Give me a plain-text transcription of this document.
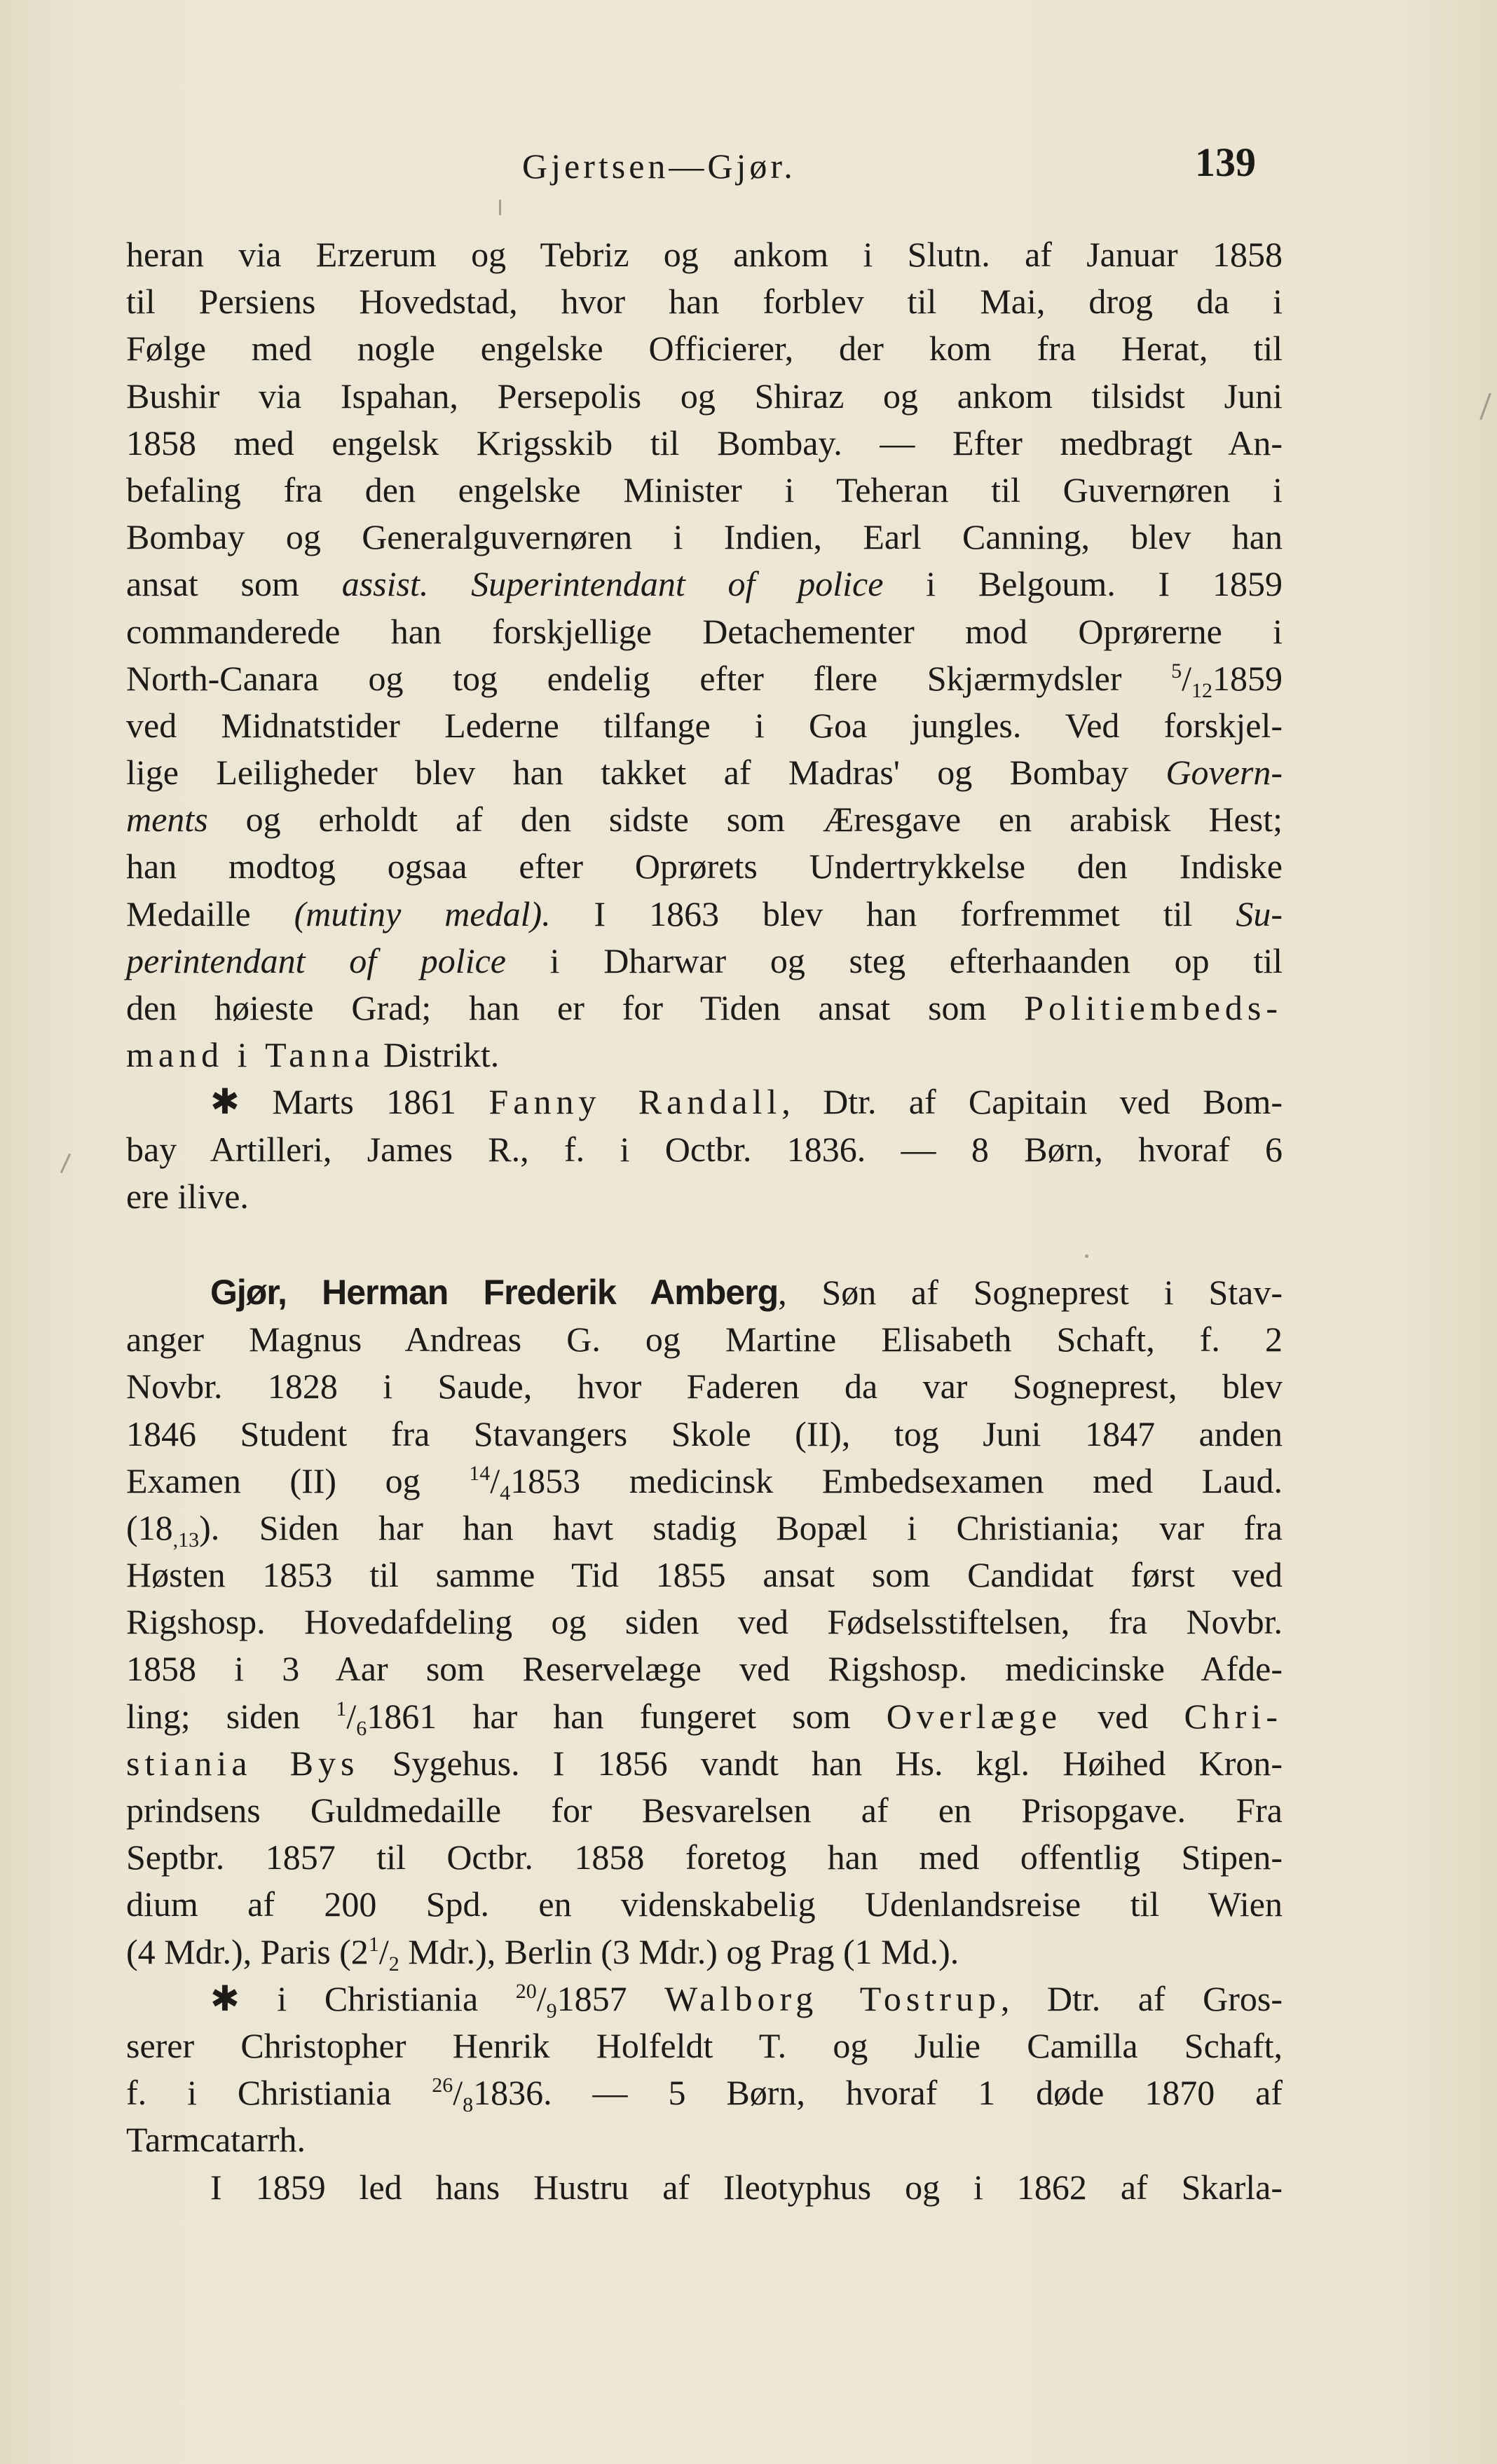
Gjertsen—Gjør.	139
heran via Erzerum og Tebriz og ankom i Slutn. af Januar 1858
til Persiens Hovedstad, hvor han forblev til Mai, drog da i
Følge med nogle engelske Officierer, der kom fra Herat, til
Bushir via Ispahan, Persepolis og Shiraz og ankom tilsidst Juni
1858 med engelsk Krigsskib til Bombay. — Efter medbragt An-
befaling fra den engelske Minister i Teheran til Guvernøren i
Bombay og Generalguvernøren i Indien, Earl Canning, blev han
ansat som assist. Superintendant of police i Belgoum. I 1859
commanderede han forskjellige Detachementer mod Oprørerne i
North-Canara og tog endelig efter flere Skjærmydsler $^5/_{12}1859$
ved Midnatstider Lederne tilfange i Goa jungles. Ved forskjel-
lige Leiligheder blev han takket af Madras' og Bombay Govern-
ments og erholdt af den sidste som Æresgave en arabisk Hest;
han modtog ogsaa efter Oprørets Undertrykkelse den Indiske
Medaille (mutiny medal). I 1863 blev han forfremmet til Su-
perintendant of police i Dharwar og steg efterhaanden op til
den høieste Grad; han er for Tiden ansat som Politiembeds-
mand i Tanna Distrikt.
✱ Marts 1861 Fanny Randall, Dtr. af Capitain ved Bom-
bay Artilleri, James R., f. i Octbr. 1836. — 8 Børn, hvoraf 6
ere ilive.
Gjør, Herman Frederik Amberg, Søn af Sogneprest i Stav-
anger Magnus Andreas G. og Martine Elisabeth Schaft, f. 2
Novbr. 1828 i Saude, hvor Faderen da var Sogneprest, blev
1846 Student fra Stavangers Skole (II), tog Juni 1847 anden
Examen (II) og $^{14}/_41853$ medicinsk Embedsexamen med Laud.
$(18_{,13})$. Siden har han havt stadig Bopæl i Christiania; var fra
Høsten 1853 til samme Tid 1855 ansat som Candidat først ved
Rigshosp. Hovedafdeling og siden ved Fødselsstiftelsen, fra Novbr.
1858 i 3 Aar som Reservelæge ved Rigshosp. medicinske Afde-
ling; siden $^1/_61861$ har han fungeret som Overlæge ved Chri-
stiania Bys Sygehus. I 1856 vandt han Hs. kgl. Høihed Kron-
prindsens Guldmedaille for Besvarelsen af en Prisopgave. Fra
Septbr. 1857 til Octbr. 1858 foretog han med offentlig Stipen-
dium af 200 Spd. en videnskabelig Udenlandsreise til Wien
(4 Mdr.), Paris ($2^1/_2$ Mdr.), Berlin (3 Mdr.) og Prag (1 Md.).
✱ i Christiania $^{20}/_91857$ Walborg Tostrup, Dtr. af Gros-
serer Christopher Henrik Holfeldt T. og Julie Camilla Schaft,
f. i Christiania $^{26}/_81836$. — 5 Børn, hvoraf 1 døde 1870 af
Tarmcatarrh.
I 1859 led hans Hustru af Ileotyphus og i 1862 af Skarla-
